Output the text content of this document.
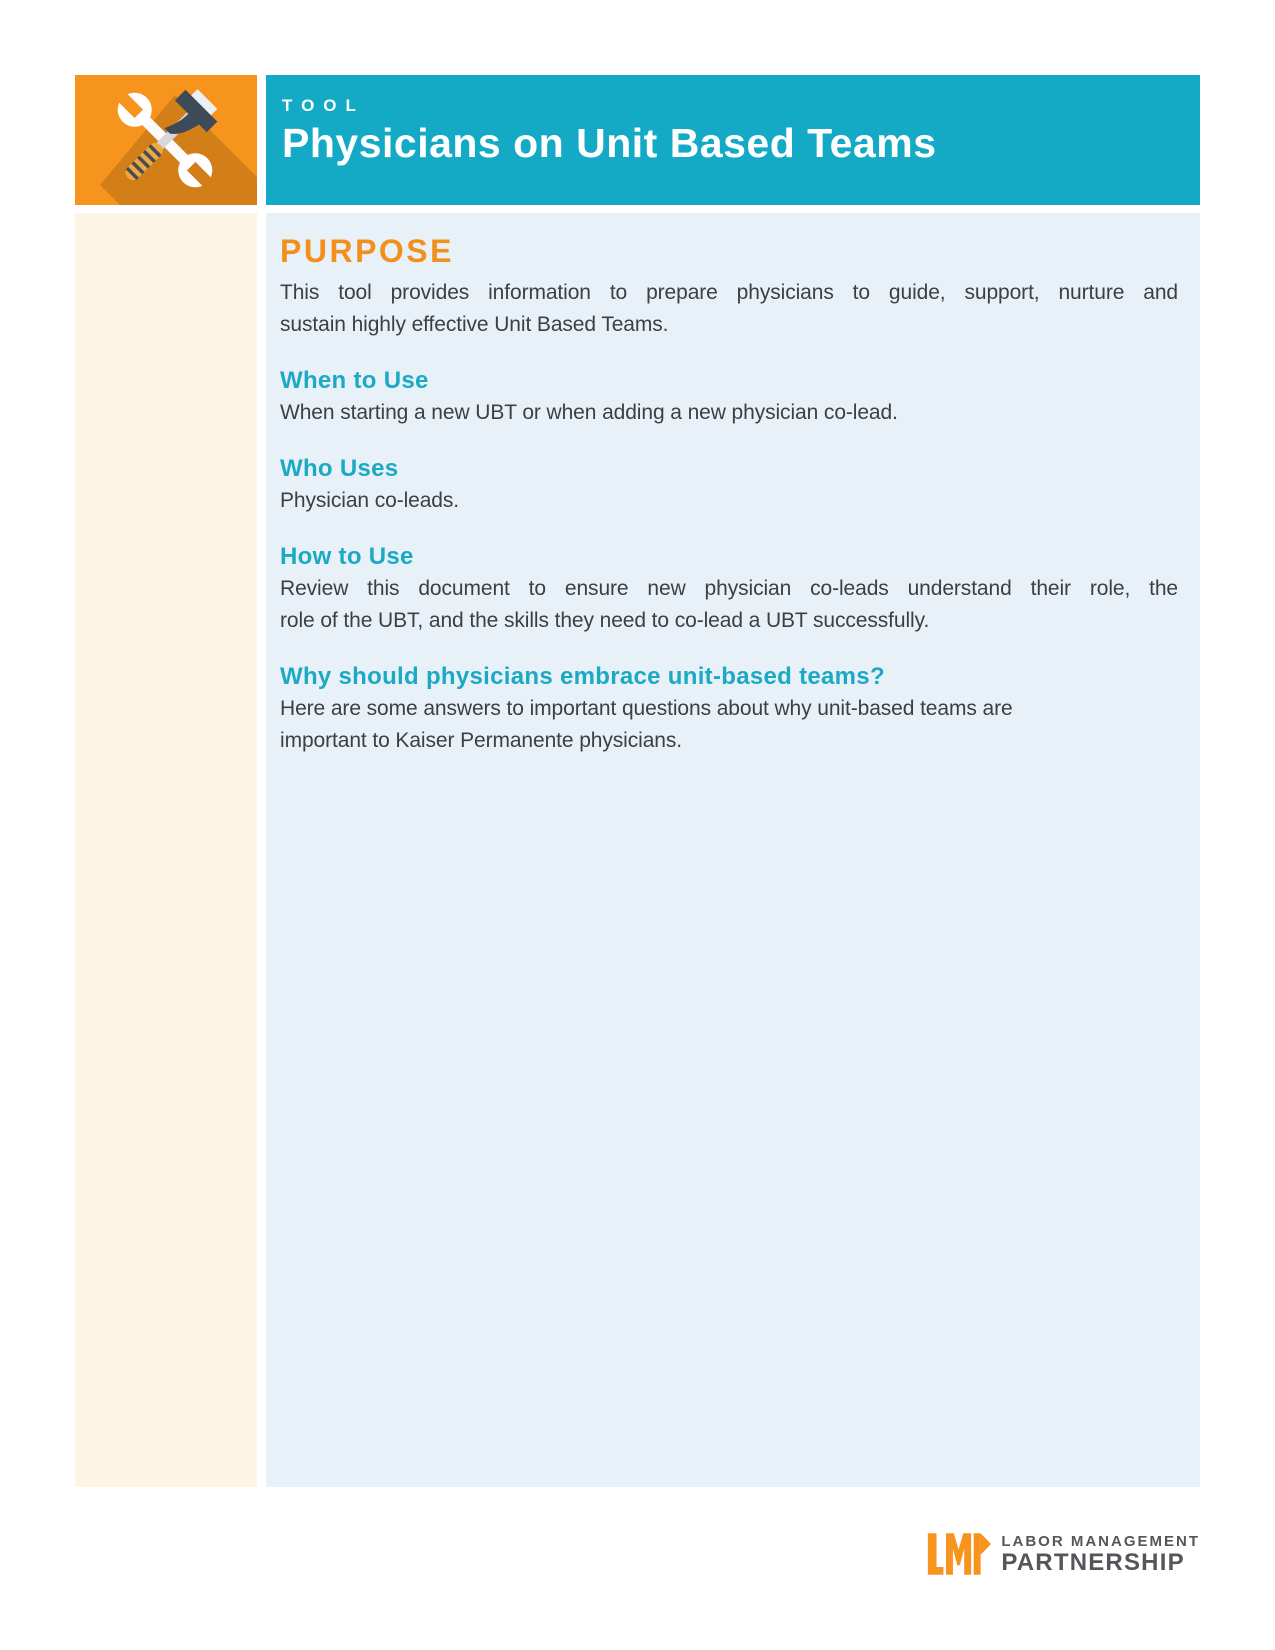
TOOL
Physicians on Unit Based Teams
PURPOSE

This tool provides information to prepare physicians to guide, support, nurture and
sustain highly effective Unit Based Teams.

When to Use

When starting a new UBT or when adding a new physician co-lead.

Who Uses

Physician co-leads.

How to Use

Review this document to ensure new physician co-leads understand their role, the
role of the UBT, and the skills they need to co-lead a UBT successfully.

Why should physicians embrace unit-based teams?

Here are some answers to important questions about why unit-based teams are
important to Kaiser Permanente physicians.

LABOR MANAGEMENT
PARTNERSHIP
